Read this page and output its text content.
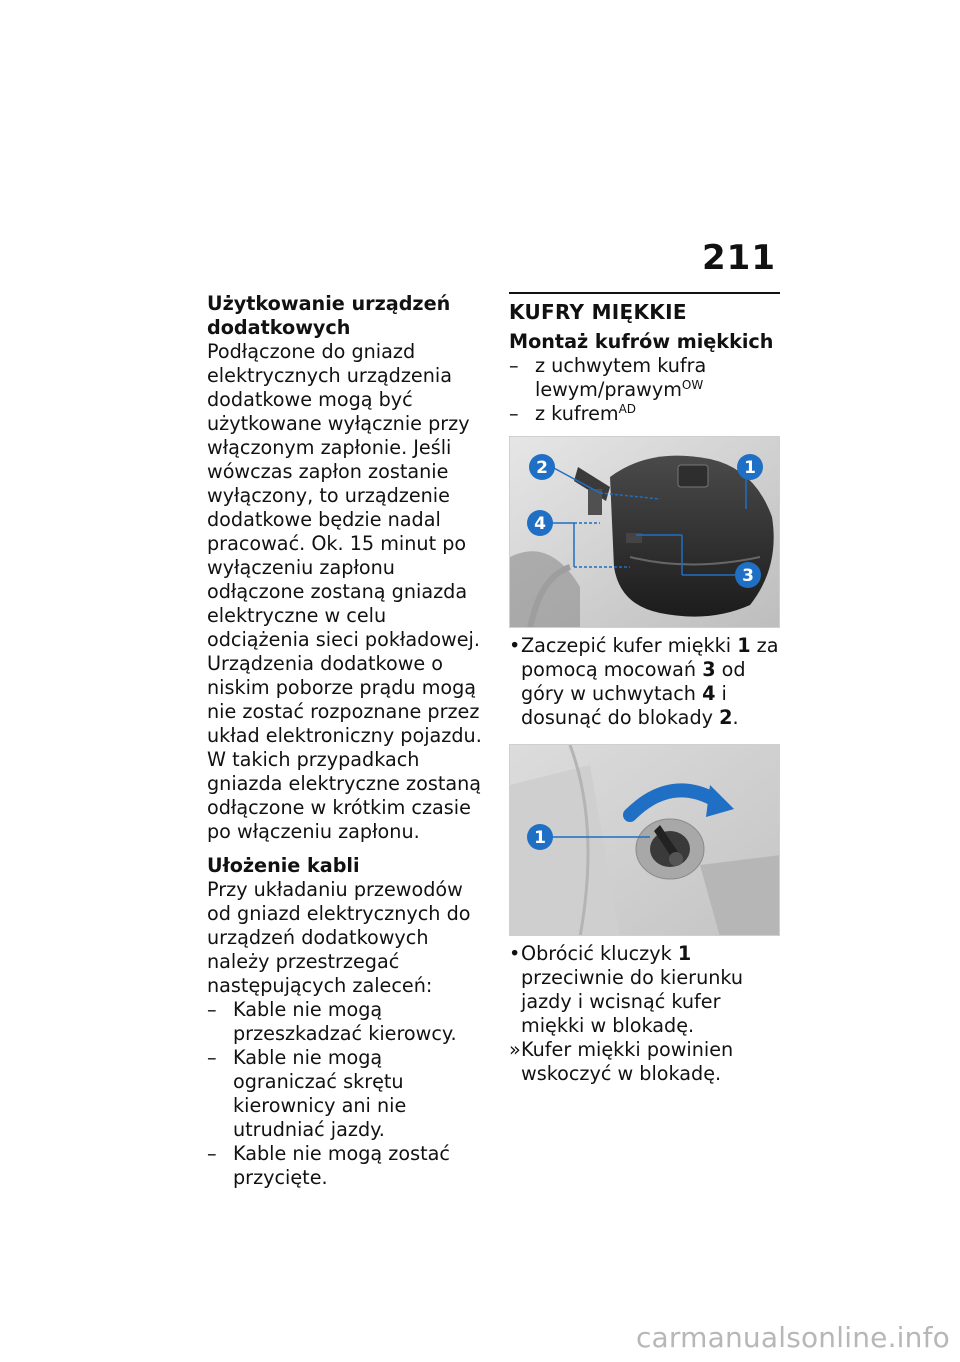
211

Użytkowanie urządzeń dodatkowych

Podłączone do gniazd elektrycznych urządzenia dodatkowe mogą być użytkowane wyłącznie przy włączonym zapłonie. Jeśli wówczas zapłon zostanie wyłączony, to urządzenie dodatkowe będzie nadal pracować. Ok. 15 minut po wyłączeniu zapłonu odłączone zostaną gniazda elektryczne w celu odciążenia sieci pokładowej.

Urządzenia dodatkowe o niskim poborze prądu mogą nie zostać rozpoznane przez układ elektroniczny pojazdu. W takich przypadkach gniazda elektryczne zostaną odłączone w krótkim czasie po włączeniu zapłonu.

Ułożenie kabli

Przy układaniu przewodów od gniazd elektrycznych do urządzeń dodatkowych należy przestrzegać następujących zaleceń:

– Kable nie mogą przeszkadzać kierowcy.
– Kable nie mogą ograniczać skrętu kierownicy ani nie utrudniać jazdy.
– Kable nie mogą zostać przycięte.

KUFRY MIĘKKIE

Montaż kufrów miękkich

– z uchwytem kufra lewym/prawym$^{OW}$
– z kufrem$^{AD}$
2	1
4
3
• Zaczepić kufer miękki 1 za pomocą mocowań 3 od góry w uchwytach 4 i dosunąć do blokady 2.
1
• Obrócić kluczyk 1 przeciwnie do kierunku jazdy i wcisnąć kufer miękki w blokadę.
» Kufer miękki powinien wskoczyć w blokadę.
carmanualsonline.info
